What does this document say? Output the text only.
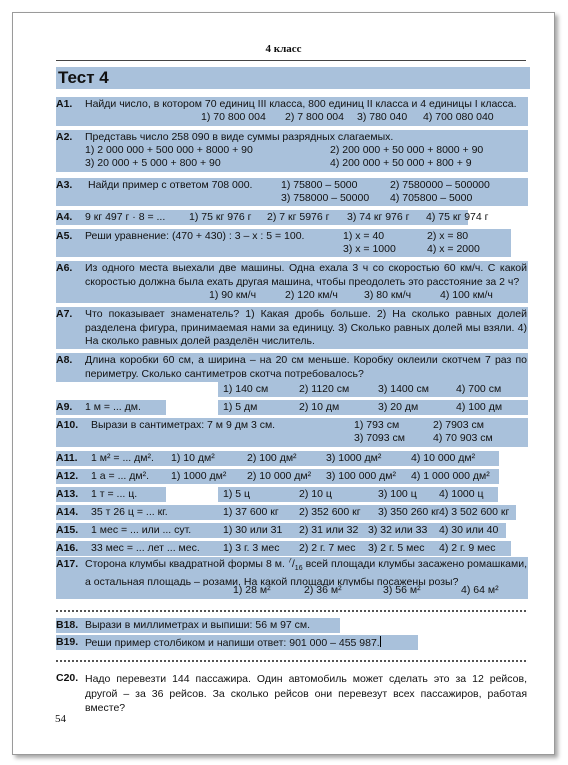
4 класс
Тест 4
A1. Найди число, в котором 70 единиц III класса, 800 единиц II класса и 4 единицы I класса.
1) 70 800 004 2) 7 800 004 3) 780 040 4) 700 080 040
A2. Представь число 258 090 в виде суммы разрядных слагаемых.
1) 2 000 000 + 500 000 + 8000 + 90	2) 200 000 + 50 000 + 8000 + 90
3) 20 000 + 5 000 + 800 + 90	4) 200 000 + 50 000 + 800 + 9
A3. Найди пример с ответом 708 000.	1) 75800 – 5000	2) 7580000 – 500000
3) 758000 – 50000 4) 705800 – 5000
A4. 9 кг 497 г · 8 = ... 1) 75 кг 976 г 2) 7 кг 5976 г 3) 74 кг 976 г 4) 75 кг 974 г
A5. Реши уравнение: (470 + 430) : 3 – х : 5 = 100.	1) х = 40	2) х = 80
3) х = 1000	4) х = 2000
A6. Из одного места выехали две машины. Одна ехала 3 ч со скоростью 60 км/ч. С какой скоростью должна была ехать другая машина, чтобы преодолеть это расстояние за 2 ч?
1) 90 км/ч	2) 120 км/ч 3) 80 км/ч	4) 100 км/ч
A7. Что показывает знаменатель? 1) Какая дробь больше. 2) На сколько равных долей разделена фигура, принимаемая нами за единицу. 3) Сколько равных долей мы взяли. 4) На сколько равных долей разделён числитель.
A8. Длина коробки 60 см, а ширина – на 20 см меньше. Коробку оклеили скотчем 7 раз по периметру. Сколько сантиметров скотча потребовалось?
1) 140 см	2) 1120 см	3) 1400 см	4) 700 см
A9. 1 м = ... дм.	1) 5 дм	2) 10 дм	3) 20 дм	4) 100 дм
A10. Вырази в сантиметрах: 7 м 9 дм 3 см.	1) 793 см	2) 7903 см
3) 7093 см	4) 70 903 см
A11. 1 м² = ... дм². 1) 10 дм²	2) 100 дм²	3) 1000 дм²	4) 10 000 дм²
A12. 1 а = ... дм². 1) 1000 дм² 2) 10 000 дм² 3) 100 000 дм² 4) 1 000 000 дм²
A13. 1 т = ... ц.	1) 5 ц	2) 10 ц	3) 100 ц 4) 1000 ц
A14. 35 т 26 ц = ... кг.	1) 37 600 кг 2) 352 600 кг 3) 350 260 кг 4) 3 502 600 кг
A15. 1 мес = ... или ... сут.	1) 30 или 31 2) 31 или 32 3) 32 или 33 4) 30 или 40
A16. 33 мес = ... лет ... мес. 1) 3 г. 3 мес 2) 2 г. 7 мес 3) 2 г. 5 мес 4) 2 г. 9 мес
A17. Сторона клумбы квадратной формы 8 м. $^7/_{16}$ всей площади клумбы засажено ромашками, а остальная площадь – розами. На какой площади клумбы посажены розы?
1) 28 м²	2) 36 м²	3) 56 м²	4) 64 м²
B18. Вырази в миллиметрах и выпиши: 56 м 97 см.
B19. Реши пример столбиком и напиши ответ: 901 000 – 455 987.
C20. Надо перевезти 144 пассажира. Один автомобиль может сделать это за 12 рейсов, другой – за 36 рейсов. За сколько рейсов они перевезут всех пассажиров, работая вместе?
54
